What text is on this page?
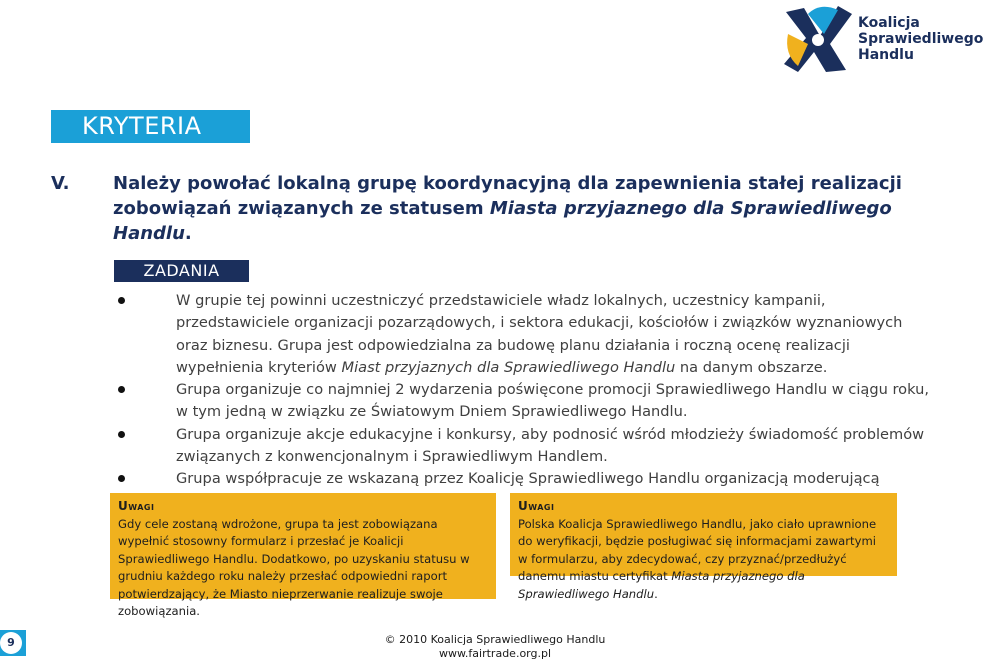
Koalicja
Sprawiedliwego
Handlu
KRYTERIA
V. Należy powołać lokalną grupę koordynacyjną dla zapewnienia stałej realizacji zobowiązań związanych ze statusem Miasta przyjaznego dla Sprawiedliwego Handlu.
ZADANIA
W grupie tej powinni uczestniczyć przedstawiciele władz lokalnych, uczestnicy kampanii, przedstawiciele organizacji pozarządowych, i sektora edukacji, kościołów i związków wyznaniowych oraz biznesu. Grupa jest odpowiedzialna za budowę planu działania i roczną ocenę realizacji wypełnienia kryteriów Miast przyjaznych dla Sprawiedliwego Handlu na danym obszarze.
Grupa organizuje co najmniej 2 wydarzenia poświęcone promocji Sprawiedliwego Handlu w ciągu roku, w tym jedną w związku ze Światowym Dniem Sprawiedliwego Handlu.
Grupa organizuje akcje edukacyjne i konkursy, aby podnosić wśród młodzieży świadomość problemów związanych z konwencjonalnym i Sprawiedliwym Handlem.
Grupa współpracuje ze wskazaną przez Koalicję Sprawiedliwego Handlu organizacją moderującą
Uwagi
Gdy cele zostaną wdrożone, grupa ta jest zobowiązana wypełnić stosowny formularz i przesłać je Koalicji Sprawiedliwego Handlu. Dodatkowo, po uzyskaniu statusu w grudniu każdego roku należy przesłać odpowiedni raport potwierdzający, że Miasto nieprzerwanie realizuje swoje zobowiązania.
Uwagi
Polska Koalicja Sprawiedliwego Handlu, jako ciało uprawnione do weryfikacji, będzie posługiwać się informacjami zawartymi w formularzu, aby zdecydować, czy przyznać/przedłużyć danemu miastu certyfikat Miasta przyjaznego dla Sprawiedliwego Handlu.
9	© 2010 Koalicja Sprawiedliwego Handlu
www.fairtrade.org.pl
